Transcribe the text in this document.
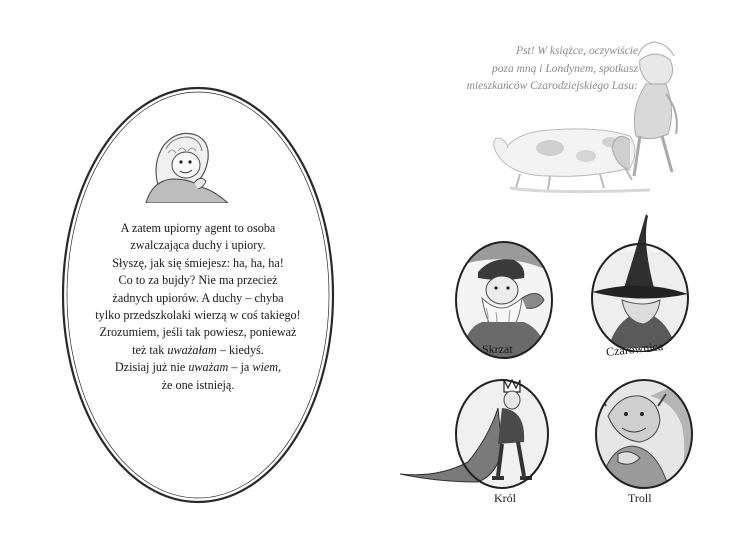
A zatem upiorny agent to osoba

zwalczająca duchy i upiory.

Słyszę, jak się śmiejesz: ha, ha, ha!

Co to za bujdy? Nie ma przecież

żadnych upiorów. A duchy – chyba

tylko przedszkolaki wierzą w coś takiego!

Zrozumiem, jeśli tak powiesz, ponieważ

też tak uważałam – kiedyś.

Dzisiaj już nie uważam – ja wiem,

że one istnieją.

Pst! W książce, oczywiście

poza mną i Londynem, spotkasz

mieszkańców Czarodziejskiego Lasu:

Skrzat	Czarownica
Król	Troll
